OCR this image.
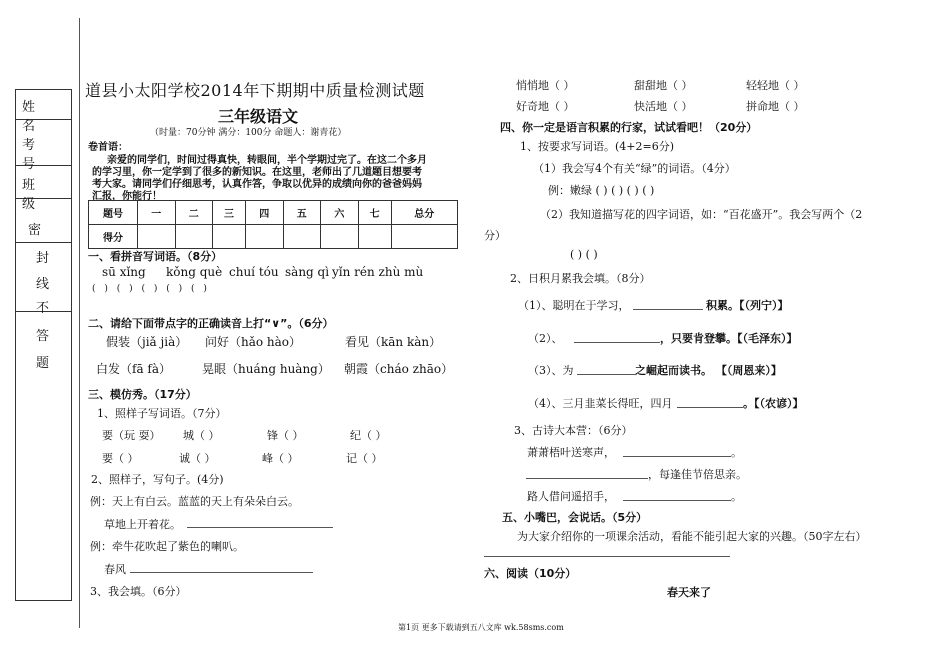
姓 名
考 号
班 级
密
封
线
不
答
题
道县小太阳学校2014年下期期中质量检测试题
三年级语文
（时量：70分钟 满分：100分 命题人：谢青花）
卷首语：
亲爱的同学们，时间过得真快，转眼间，半个学期过完了。在这二个多月
的学习里，你一定学到了很多的新知识。在这里，老师出了几道题目想要考
考大家。请同学们仔细思考，认真作答，争取以优异的成绩向你的爸爸妈妈
汇报，你能行！
题号	一	二	三	四	五	六	七	总分
得分								
一、看拼音写词语。（8分）
sū xǐng kǒng què chuí tóu sàng qì yǐn rén zhù mù
( ) ( ) ( ) ( ) ( )
二、请给下面带点字的正确读音上打“∨”。（6分）
假装（jiǎ jià） 问好（hǎo hào）	看见（kān kàn）
白发（fā fà）	晃眼（huáng huàng） 朝霞（cháo zhāo）
三、模仿秀。（17分）
1、照样子写词语。（7分）
要（玩 耍） 城（ ）	锋（ ）	纪（ ）
要（ ）	诚（ ）	峰（ ）	记（ ）
2、照样子，写句子。(4分)
例：天上有白云。蓝蓝的天上有朵朵白云。
草地上开着花。
例：牵牛花吹起了紫色的喇叭。
春风
3、我会填。（6分）
悄悄地（ ）	甜甜地（ ）	轻轻地（ ）
好奇地（ ）	快活地（ ）	拼命地（ ）
四、你一定是语言积累的行家，试试看吧！（20分）
1、按要求写词语。(4+2=6分)
（1）我会写4个有关“绿”的词语。（4分）
例：嫩绿 ( ) ( ) ( ) ( )
（2）我知道描写花的四字词语，如：“百花盛开”。我会写两个（2
分）
( ) ( )
2、日积月累我会填。（8分）
（1）、聪明在于学习，	积累。【（列宁）】
（2）、	，只要肯登攀。【（毛泽东）】
（3）、为	之崛起而读书。 【（周恩来）】
（4）、三月韭菜长得旺，四月	。【（农谚）】
3、古诗大本营：（6分）
萧萧梧叶送寒声，	。
，每逢佳节倍思亲。
路人借问遥招手，	。
五、小嘴巴，会说话。（5分）
为大家介绍你的一项课余活动，看能不能引起大家的兴趣。（50字左右）
六、阅读（10分）
春天来了
第1页 更多下载请到五八文库 wk.58sms.com
